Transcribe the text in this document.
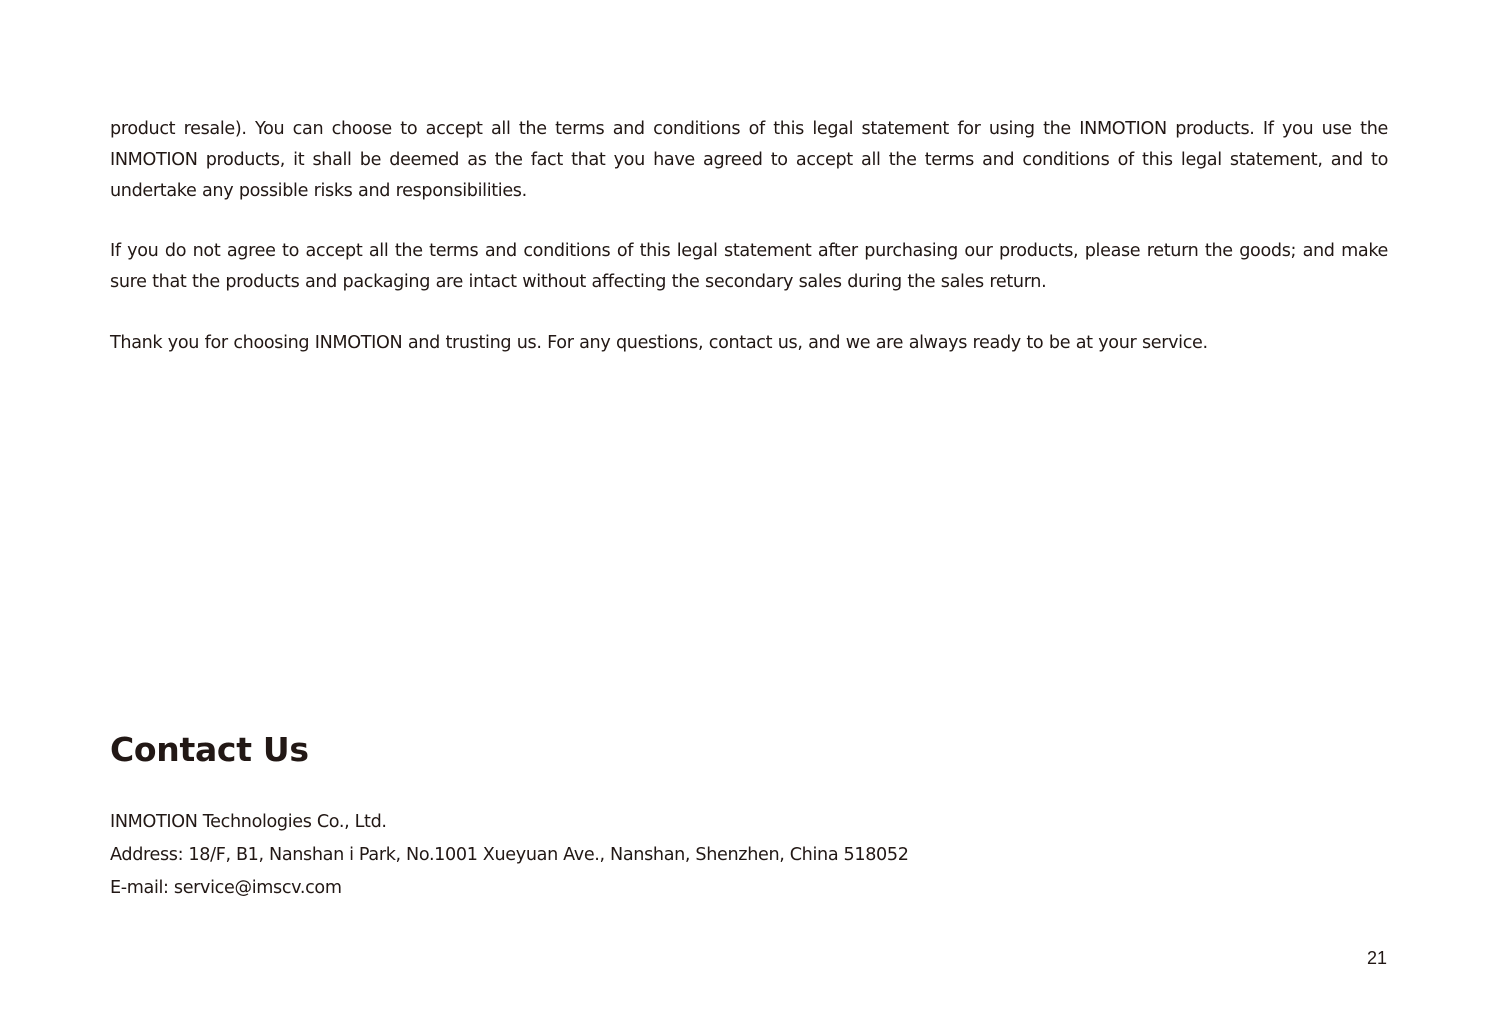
product resale). You can choose to accept all the terms and conditions of this legal statement for using the INMOTION products. If you use the INMOTION products, it shall be deemed as the fact that you have agreed to accept all the terms and conditions of this legal statement, and to undertake any possible risks and responsibilities.

If you do not agree to accept all the terms and conditions of this legal statement after purchasing our products, please return the goods; and make sure that the products and packaging are intact without affecting the secondary sales during the sales return.

Thank you for choosing INMOTION and trusting us. For any questions, contact us, and we are always ready to be at your service.

Contact Us

INMOTION Technologies Co., Ltd.

Address: 18/F, B1, Nanshan i Park, No.1001 Xueyuan Ave., Nanshan, Shenzhen, China 518052

E-mail: service@imscv.com

21
